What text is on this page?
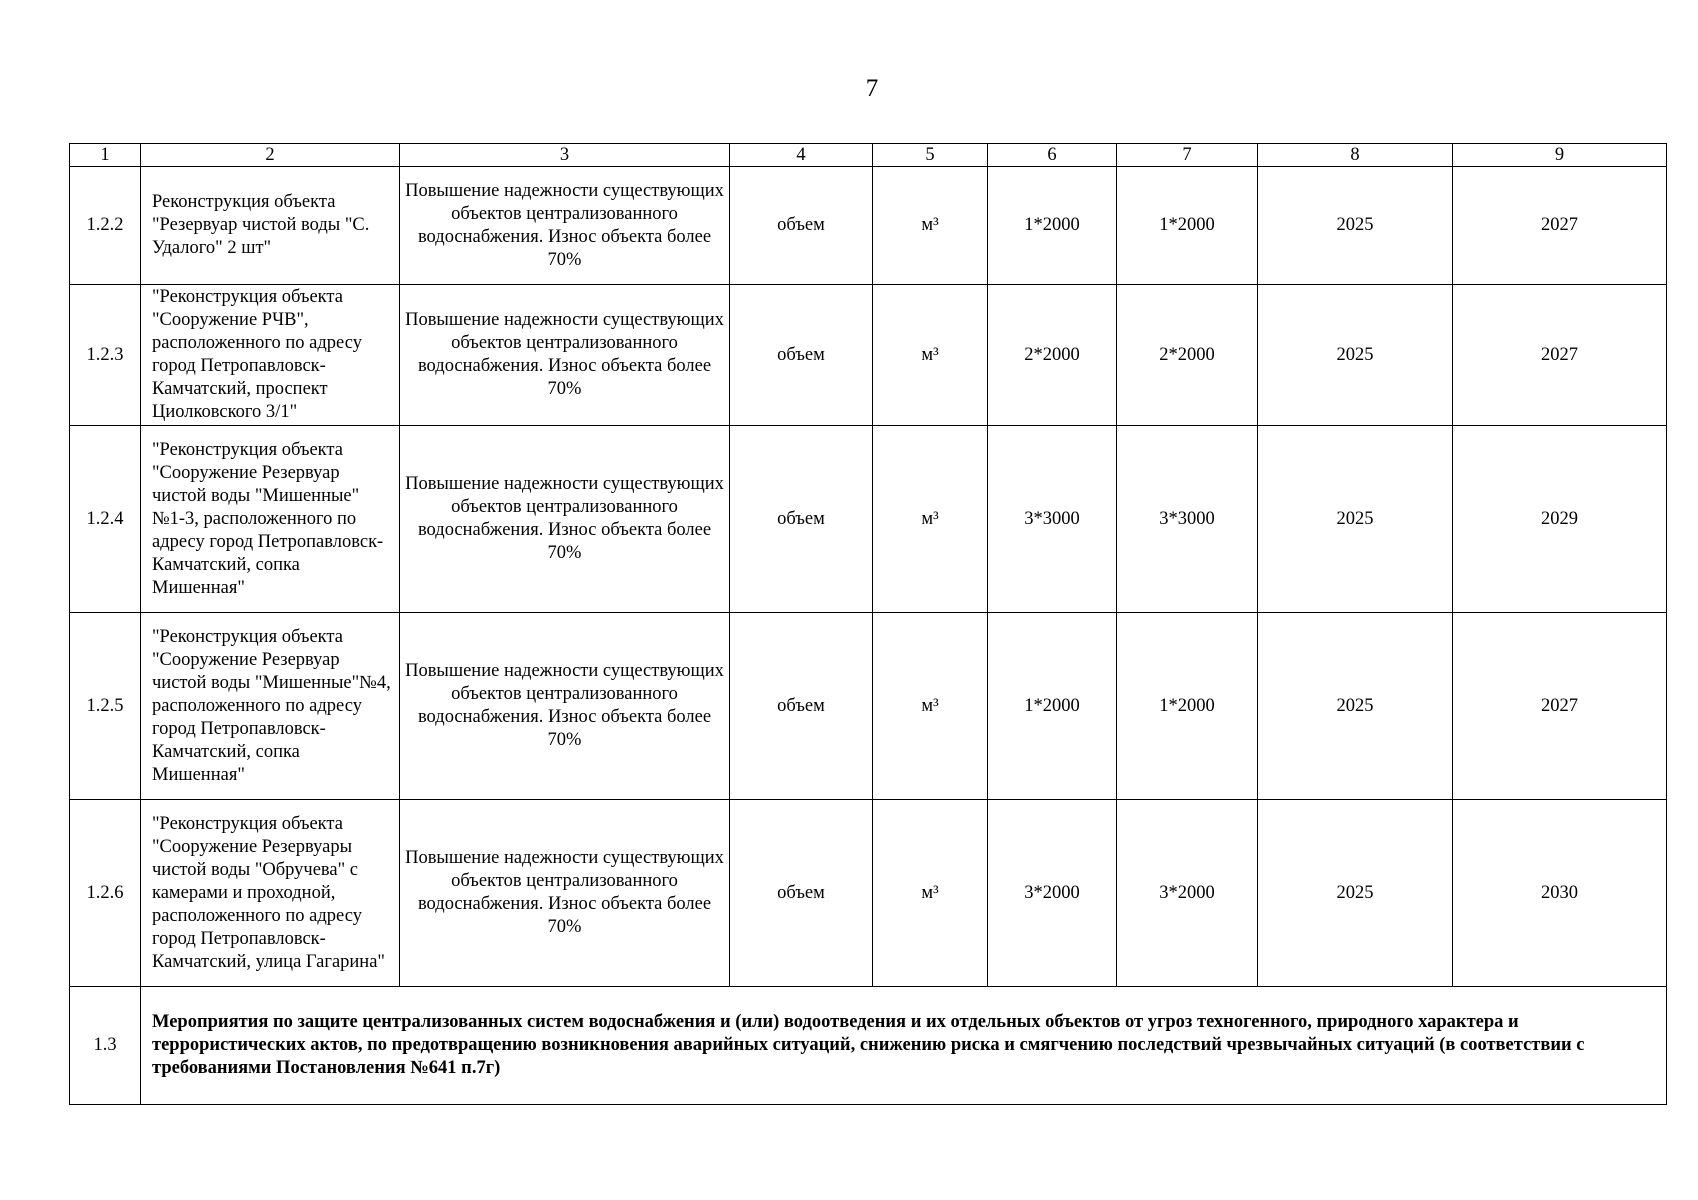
7
1	2	3	4	5	6	7	8	9
1.2.2	Реконструкция объекта "Резервуар чистой воды "С. Удалого" 2 шт"	Повышение надежности существующих объектов централизованного водоснабжения. Износ объекта более 70%	объем	м³	1*2000	1*2000	2025	2027
1.2.3	"Реконструкция объекта "Сооружение РЧВ", расположенного по адресу город Петропавловск-Камчатский, проспект Циолковского 3/1"	Повышение надежности существующих объектов централизованного водоснабжения. Износ объекта более 70%	объем	м³	2*2000	2*2000	2025	2027
1.2.4	"Реконструкция объекта "Сооружение Резервуар чистой воды "Мишенные" №1-3, расположенного по адресу город Петропавловск-Камчатский, сопка Мишенная"	Повышение надежности существующих объектов централизованного водоснабжения. Износ объекта более 70%	объем	м³	3*3000	3*3000	2025	2029
1.2.5	"Реконструкция объекта "Сооружение Резервуар чистой воды "Мишенные"№4, расположенного по адресу город Петропавловск-Камчатский, сопка Мишенная"	Повышение надежности существующих объектов централизованного водоснабжения. Износ объекта более 70%	объем	м³	1*2000	1*2000	2025	2027
1.2.6	"Реконструкция объекта "Сооружение Резервуары чистой воды "Обручева" с камерами и проходной, расположенного по адресу город Петропавловск-Камчатский, улица Гагарина"	Повышение надежности существующих объектов централизованного водоснабжения. Износ объекта более 70%	объем	м³	3*2000	3*2000	2025	2030
1.3	Мероприятия по защите централизованных систем водоснабжения и (или) водоотведения и их отдельных объектов от угроз техногенного, природного характера и террористических актов, по предотвращению возникновения аварийных ситуаций, снижению риска и смягчению последствий чрезвычайных ситуаций (в соответствии с требованиями Постановления №641 п.7г)							
